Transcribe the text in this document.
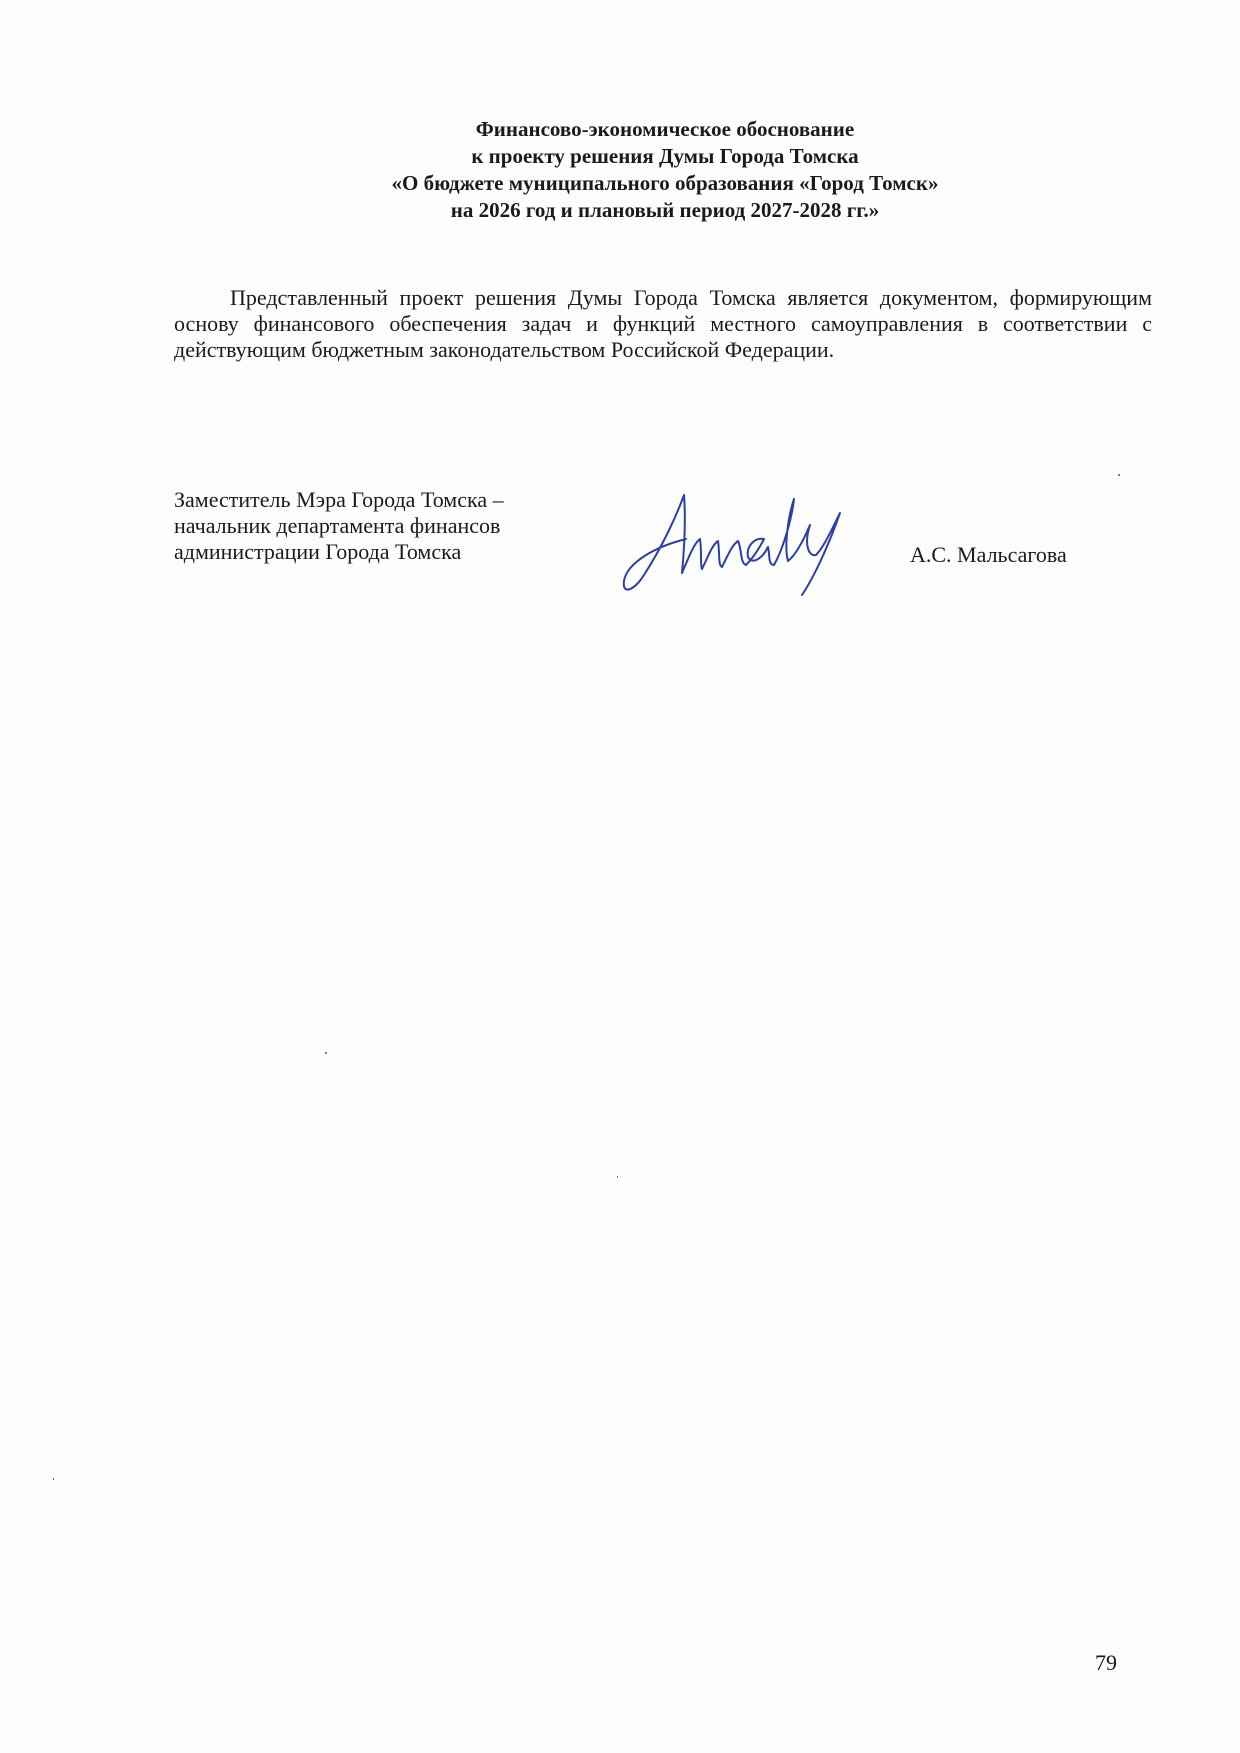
Финансово-экономическое обоснование
к проекту решения Думы Города Томска
«О бюджете муниципального образования «Город Томск»
на 2026 год и плановый период 2027-2028 гг.»

Представленный проект решения Думы Города Томска является документом, формирующим основу финансового обеспечения задач и функций местного самоуправления в соответствии с действующим бюджетным законодательством Российской Федерации.

Заместитель Мэра Города Томска –
начальник департамента финансов
администрации Города Томска	А.С. Мальсагова
79
